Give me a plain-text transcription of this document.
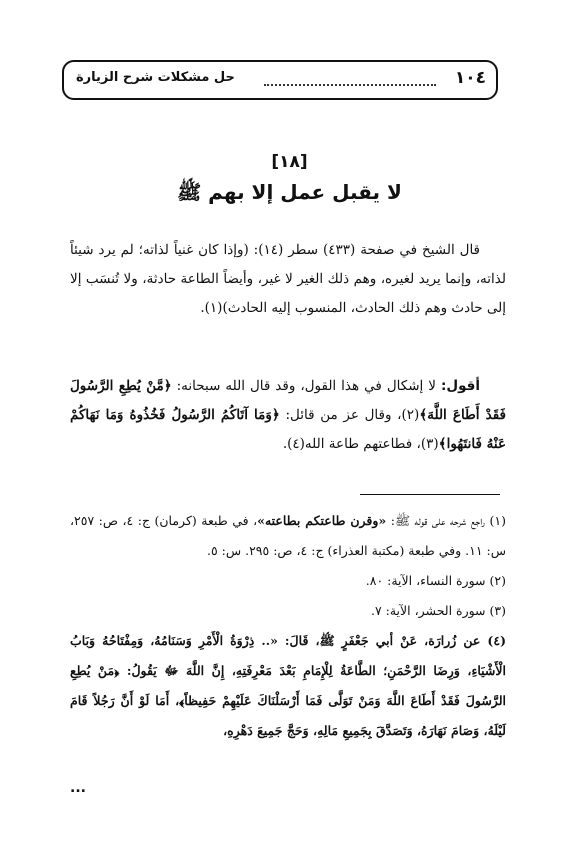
١٠٤
حل مشكلات شرح الزيارة
[١٨]
لا يقبل عمل إلا بهم ﷺ
قال الشيخ في صفحة (٤٣٣) سطر (١٤): (وإذا كان غنياً لذاته؛ لم يرد شيئاً لذاته، وإنما يريد لغيره، وهم ذلك الغير لا غير، وأيضاً الطاعة حادثة، ولا تُنسَب إلا إلى حادث وهم ذلك الحادث، المنسوب إليه الحادث)(١).
أقول: لا إشكال في هذا القول، وقد قال الله سبحانه: ﴿مَّنْ يُطِعِ الرَّسُولَ فَقَدْ أَطَاعَ اللَّهَ﴾(٢)، وقال عز من قائل: ﴿وَمَا آتَاكُمُ الرَّسُولُ فَخُذُوهُ وَمَا نَهَاكُمْ عَنْهُ فَانتَهُوا﴾(٣)، فطاعتهم طاعة الله(٤).

(١) راجع شرحه على قوله ﷺ: «وقرن طاعتكم بطاعته»، في طبعة (كرمان) ج: ٤، ص: ٢٥٧، س: ١١. وفي طبعة (مكتبة العذراء) ج: ٤، ص: ٢٩٥. س: ٥.

(٢) سورة النساء، الآية: ٨٠.

(٣) سورة الحشر، الآية: ٧.

(٤) عن زُرارَة، عَنْ أبي جَعْفَرٍ ﷺ، قَالَ: «.. ذِرْوَةُ الْأَمْرِ وَسَنَامُهُ، وَمِفْتَاحُهُ وَبَابُ الْأَشْيَاءِ، وَرِضَا الرَّحْمَنِ؛ الطَّاعَةُ لِلْإِمَامِ بَعْدَ مَعْرِفَتِهِ، إِنَّ اللَّهَ ﷻ يَقُولُ: ﴿مَنْ يُطِعِ الرَّسُولَ فَقَدْ أَطَاعَ اللَّهَ وَمَنْ تَوَلَّى فَمَا أَرْسَلْنَاكَ عَلَيْهِمْ حَفِيظاً﴾، أَمَا لَوْ أَنَّ رَجُلاً قَامَ لَيْلَهُ، وَصَامَ نَهَارَهُ، وَتَصَدَّقَ بِجَمِيعِ مَالِهِ، وَحَجَّ جَمِيعَ دَهْرِهِ،

...
